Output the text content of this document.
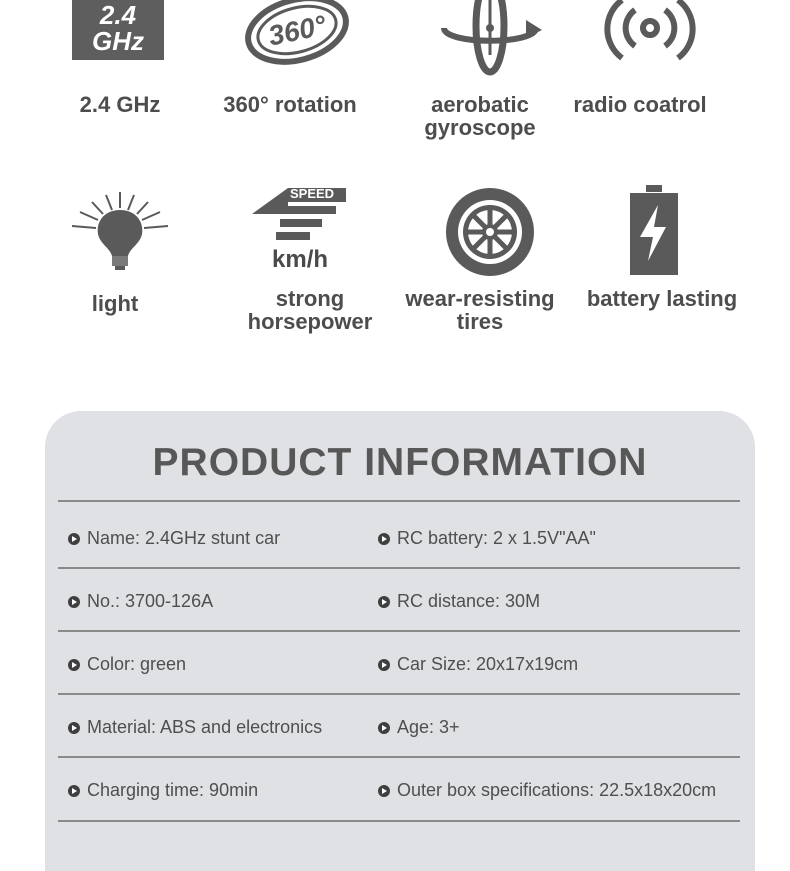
2.4
GHz	360°
2.4 GHz	360° rotation	aerobatic
gyroscope
radio coatrol
SPEED
km/h
light	strong
horsepower
wear-resisting
tires
battery lasting
PRODUCT INFORMATION
Name: 2.4GHz stunt car	RC battery: 2 x 1.5V"AA"
No.: 3700-126A	RC distance: 30M
Color: green	Car Size: 20x17x19cm
Material: ABS and electronics	Age: 3+
Charging time: 90min	Outer box specifications: 22.5x18x20cm
